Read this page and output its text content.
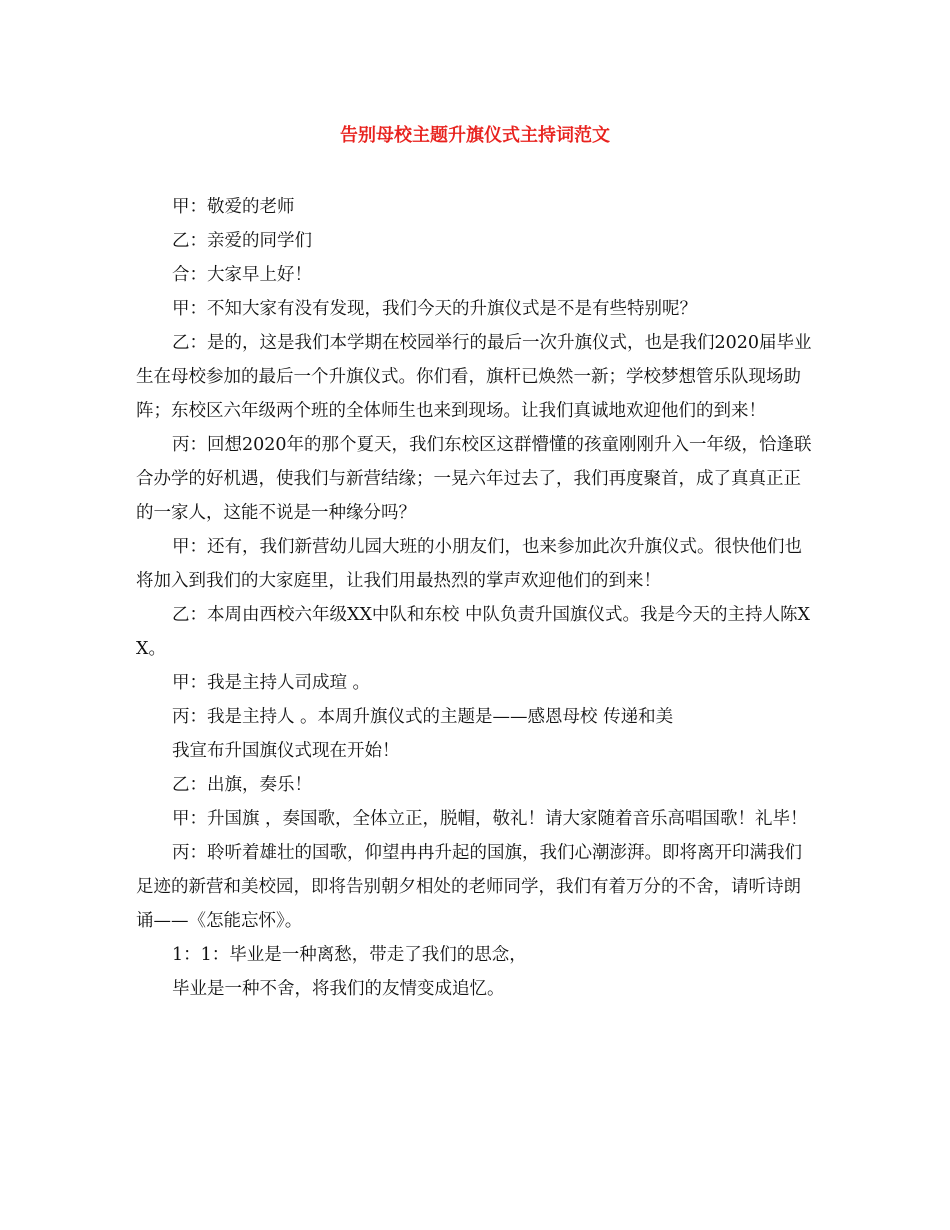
告别母校主题升旗仪式主持词范文

甲：敬爱的老师

乙：亲爱的同学们

合：大家早上好！

甲：不知大家有没有发现，我们今天的升旗仪式是不是有些特别呢？

乙：是的，这是我们本学期在校园举行的最后一次升旗仪式，也是我们2020届毕业生在母校参加的最后一个升旗仪式。你们看，旗杆已焕然一新；学校梦想管乐队现场助阵；东校区六年级两个班的全体师生也来到现场。让我们真诚地欢迎他们的到来！

丙：回想2020年的那个夏天，我们东校区这群懵懂的孩童刚刚升入一年级，恰逢联合办学的好机遇，使我们与新营结缘；一晃六年过去了，我们再度聚首，成了真真正正的一家人，这能不说是一种缘分吗？

甲：还有，我们新营幼儿园大班的小朋友们，也来参加此次升旗仪式。很快他们也将加入到我们的大家庭里，让我们用最热烈的掌声欢迎他们的到来！

乙：本周由西校六年级XX中队和东校 中队负责升国旗仪式。我是今天的主持人陈XX。

甲：我是主持人司成瑄 。

丙：我是主持人 。本周升旗仪式的主题是——感恩母校 传递和美

我宣布升国旗仪式现在开始！

乙：出旗，奏乐！

甲：升国旗 ，奏国歌，全体立正，脱帽，敬礼！请大家随着音乐高唱国歌！礼毕！

丙：聆听着雄壮的国歌，仰望冉冉升起的国旗，我们心潮澎湃。即将离开印满我们足迹的新营和美校园，即将告别朝夕相处的老师同学，我们有着万分的不舍，请听诗朗诵——《怎能忘怀》。

1：1：毕业是一种离愁，带走了我们的思念，

毕业是一种不舍，将我们的友情变成追忆。
